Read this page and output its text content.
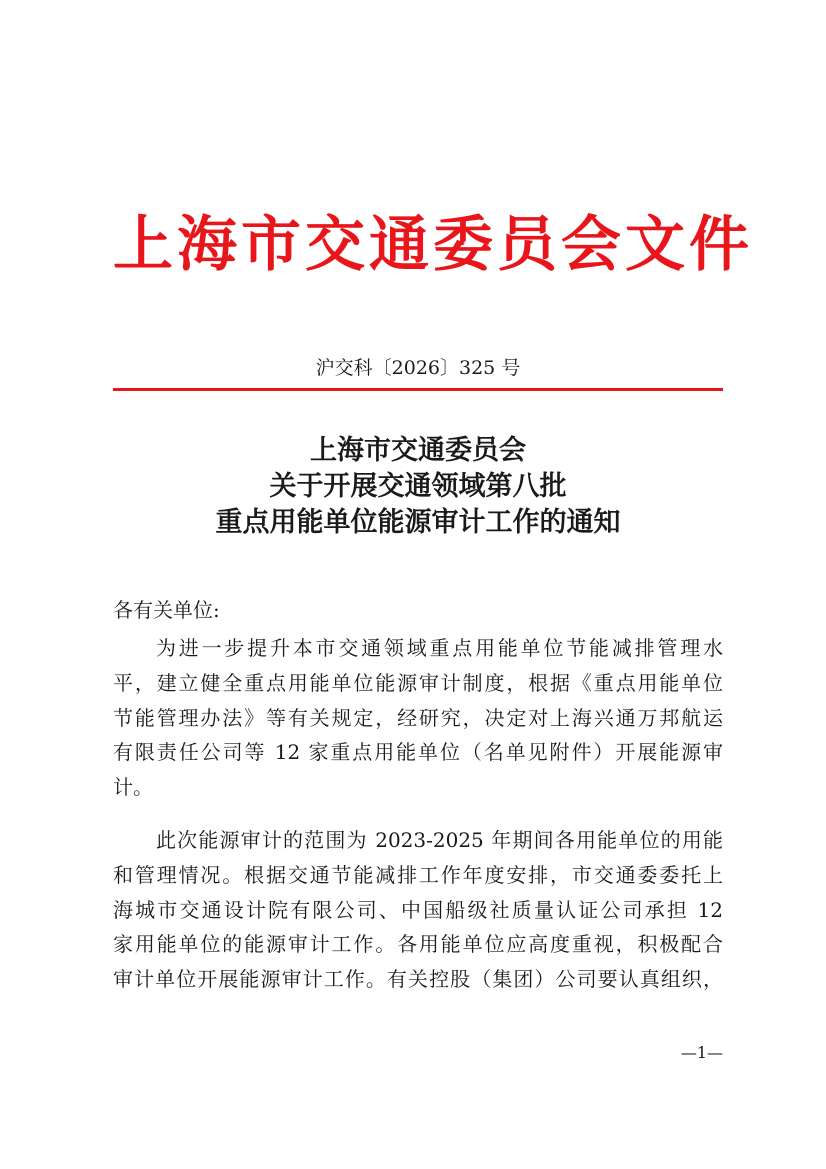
上海市交通委员会文件
沪交科〔2026〕325 号
上海市交通委员会
关于开展交通领域第八批
重点用能单位能源审计工作的通知
各有关单位:
为进一步提升本市交通领域重点用能单位节能减排管理水
平，建立健全重点用能单位能源审计制度，根据《重点用能单位
节能管理办法》等有关规定，经研究，决定对上海兴通万邦航运
有限责任公司等 12 家重点用能单位（名单见附件）开展能源审
计。
此次能源审计的范围为 2023-2025 年期间各用能单位的用能
和管理情况。根据交通节能减排工作年度安排，市交通委委托上
海城市交通设计院有限公司、中国船级社质量认证公司承担 12
家用能单位的能源审计工作。各用能单位应高度重视，积极配合
审计单位开展能源审计工作。有关控股（集团）公司要认真组织，
—1—
